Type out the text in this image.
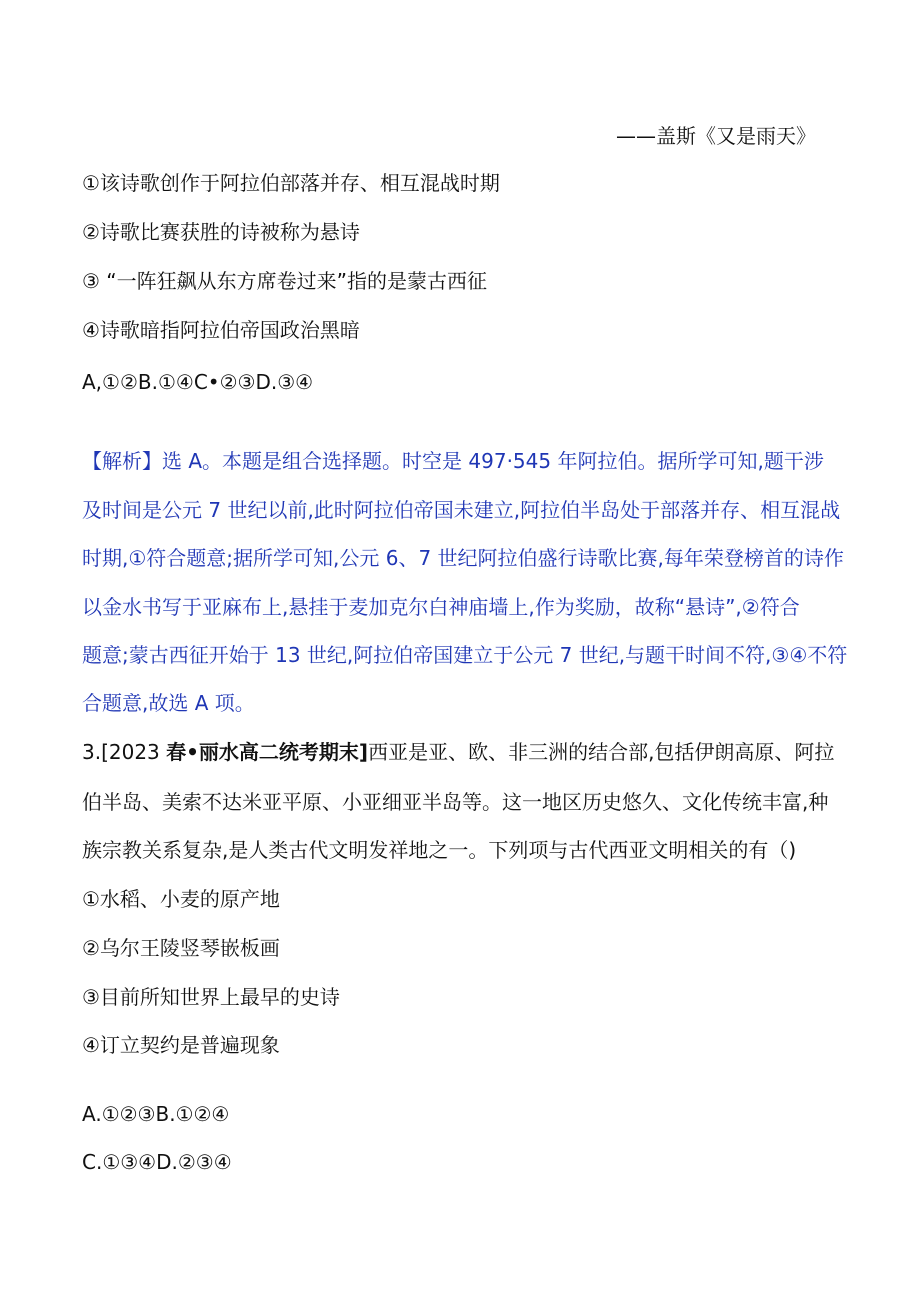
——盖斯《又是雨天》
①该诗歌创作于阿拉伯部落并存、相互混战时期
②诗歌比赛获胜的诗被称为悬诗
③ “一阵狂飙从东方席卷过来”指的是蒙古西征
④诗歌暗指阿拉伯帝国政治黑暗
A,①②B.①④C•②③D.③④
【解析】选 A。本题是组合选择题。时空是 497·545 年阿拉伯。据所学可知,题干涉
及时间是公元 7 世纪以前,此时阿拉伯帝国未建立,阿拉伯半岛处于部落并存、相互混战
时期,①符合题意;据所学可知,公元 6、7 世纪阿拉伯盛行诗歌比赛,每年荣登榜首的诗作
以金水书写于亚麻布上,悬挂于麦加克尔白神庙墙上,作为奖励，故称“悬诗”,②符合
题意;蒙古西征开始于 13 世纪,阿拉伯帝国建立于公元 7 世纪,与题干时间不符,③④不符
合题意,故选 A 项。
3.[2023 春•丽水高二统考期末]西亚是亚、欧、非三洲的结合部,包括伊朗高原、阿拉
伯半岛、美索不达米亚平原、小亚细亚半岛等。这一地区历史悠久、文化传统丰富,种
族宗教关系复杂,是人类古代文明发祥地之一。下列项与古代西亚文明相关的有（)
①水稻、小麦的原产地
②乌尔王陵竖琴嵌板画
③目前所知世界上最早的史诗
④订立契约是普遍现象
A.①②③B.①②④
C.①③④D.②③④
